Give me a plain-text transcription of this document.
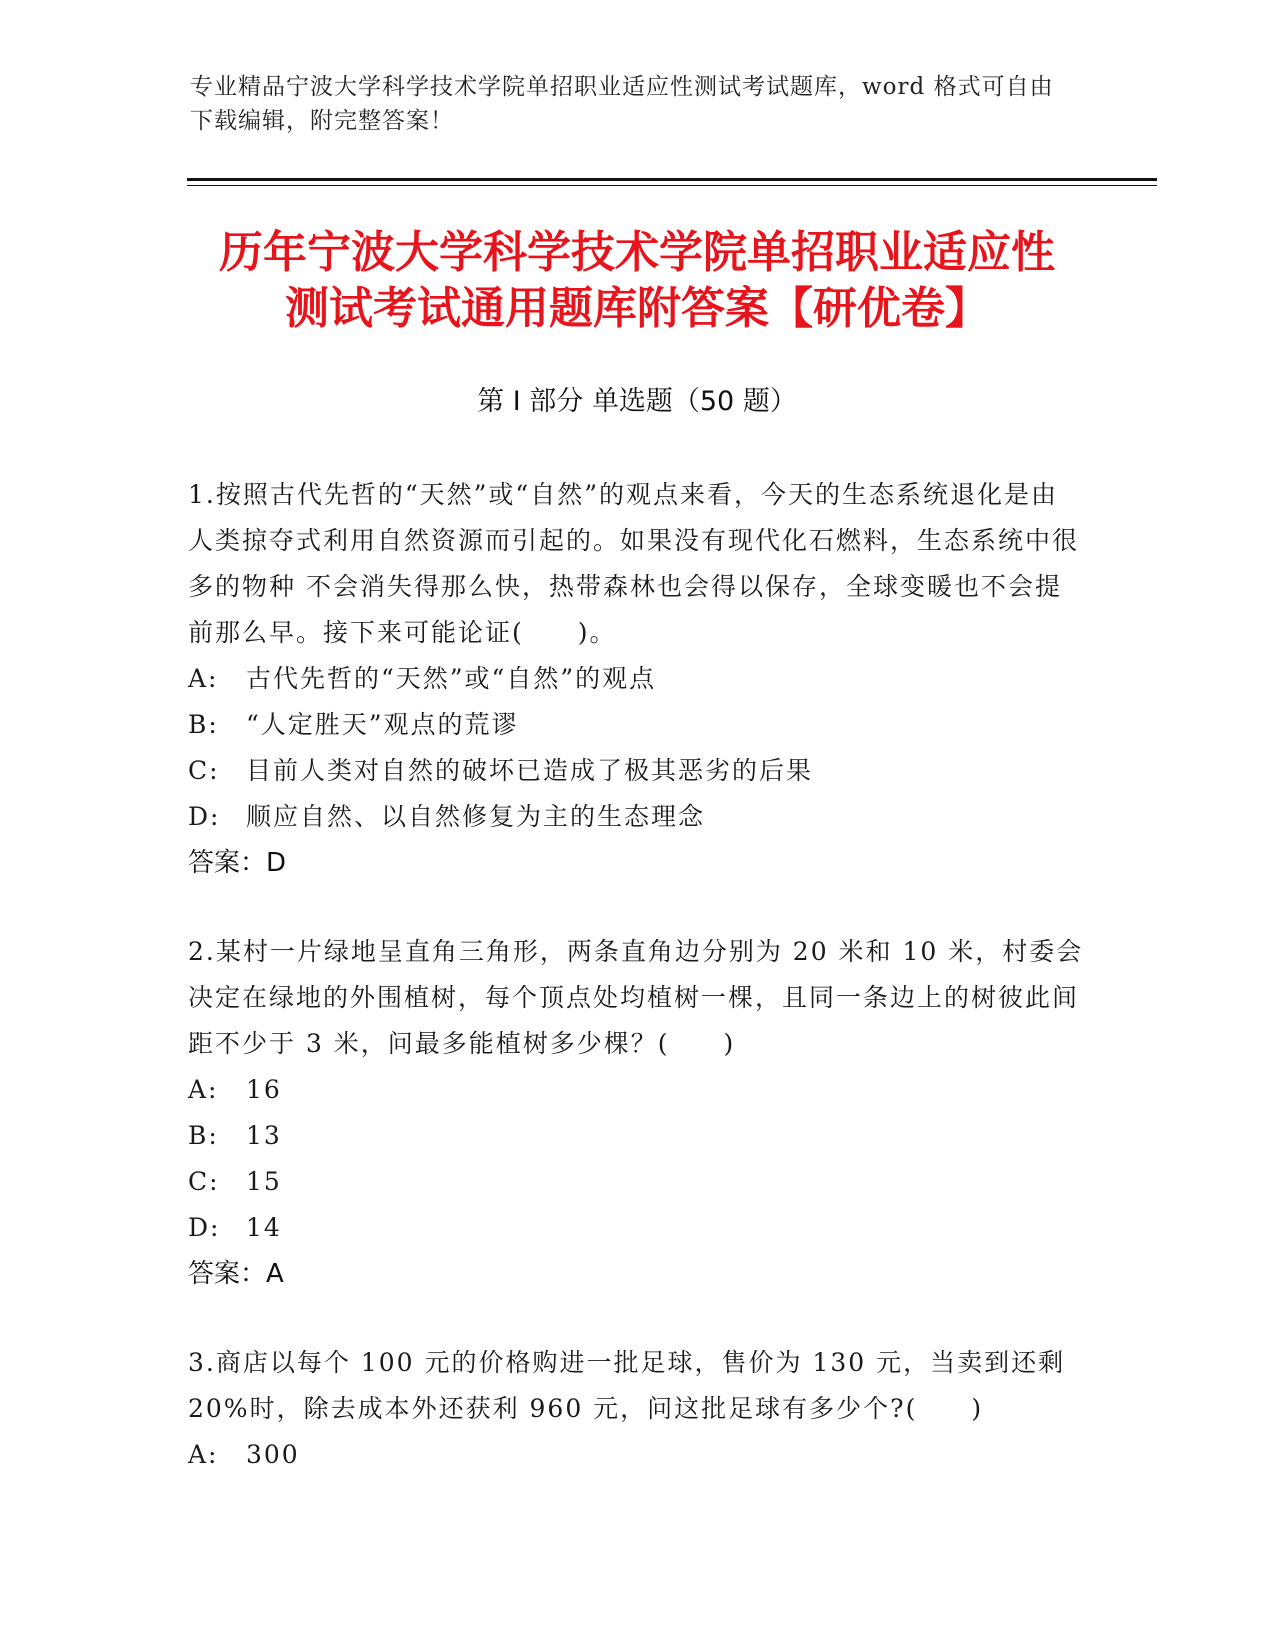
专业精品宁波大学科学技术学院单招职业适应性测试考试题库，word 格式可自由下载编辑，附完整答案！
历年宁波大学科学技术学院单招职业适应性
测试考试通用题库附答案【研优卷】
第 I 部分 单选题（50 题）

1.按照古代先哲的“天然”或“自然”的观点来看，今天的生态系统退化是由 人类掠夺式利用自然资源而引起的。如果没有现代化石燃料，生态系统中很多的物种 不会消失得那么快，热带森林也会得以保存，全球变暖也不会提前那么早。接下来可能论证(　　)。

A: 古代先哲的“天然”或“自然”的观点
B: “人定胜天”观点的荒谬
C: 目前人类对自然的破坏已造成了极其恶劣的后果
D: 顺应自然、以自然修复为主的生态理念
答案：D

2.某村一片绿地呈直角三角形，两条直角边分别为 20 米和 10 米，村委会决定在绿地的外围植树，每个顶点处均植树一棵，且同一条边上的树彼此间距不少于 3 米，问最多能植树多少棵？(　　)

A: 16
B: 13
C: 15
D: 14
答案：A

3.商店以每个 100 元的价格购进一批足球，售价为 130 元，当卖到还剩 20%时，除去成本外还获利 960 元，问这批足球有多少个?(　　)

A: 300
